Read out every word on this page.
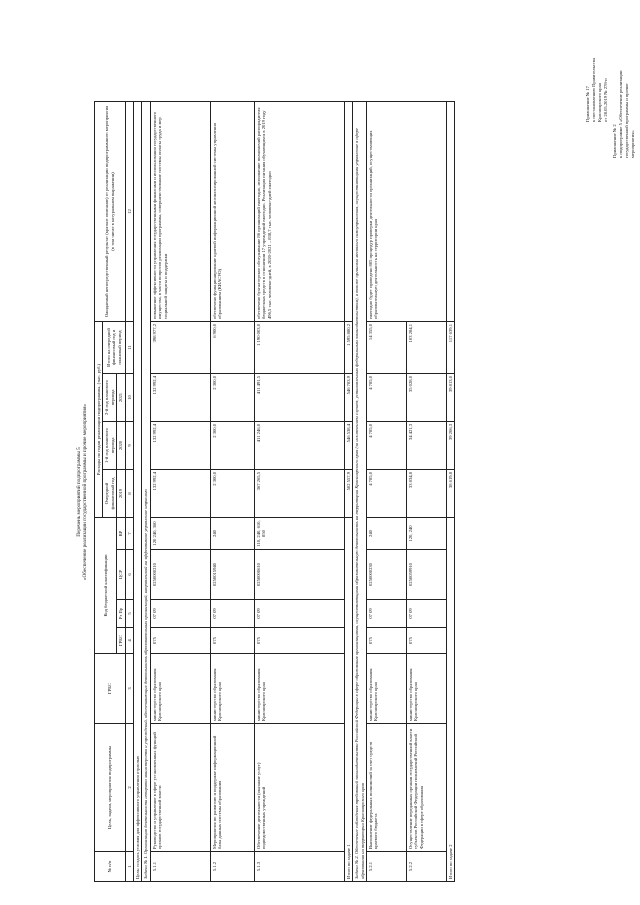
Приложение № 17 к постановлению Правительства Красноярского края от 28.05.2019 № 278-п
Приложение № 2 к подпрограмме 5 «Обеспечение реализации государственной программы и прочие мероприятия»
Перечень мероприятий подпрограммы 5 «Обеспечение реализации государственной программы и прочие мероприятия»
№ п/п	Цель, задачи, мероприятия подпрограммы	ГРБС	Код бюджетной классификации				Расходы по годам реализации подпрограммы, (тыс. руб.)				Ожидаемый непосредственный результат (краткое описание) от реализации подпрограммного мероприятия (в том числе в натуральном выражении)
							Очередной финансовый год	1-й год планового периода	2-й год планового периода	Итого на очередной финансовый год и плановый период	
			ГРБС	Рз Пр	ЦСР	ВР	2019	2020	2021		
1	2	3	4	5	6	7	8	9	10	11	12
Цель: создать условия для эффективного управления отраслью											
Задача № 1. Организация деятельности аппарата министерства и учреждений, обеспечивающих деятельность образовательных организаций, направленной на эффективное управление отраслью											
5.1.1	Руководство и управление в сфере установленных функций органов государственной власти	министерство образования Красноярского края	075	07 09	0250000210	120 240, 360	132 992,4	132 992,4	132 992,4	398 977,2	повышение эффективности управления государственными финансами и использования государственного имущества, в части вопросов реализации программы, совершенствование системы оплаты труда и мер социальной защиты и поддержки
5.1.2	Мероприятия по развитию и поддержке информационной базы данных системы образования	министерство образования Красноярского края	075	07 09	0250015940	240	2 300,0	2 300,0	2 300,0	6 900,0	обеспечено функционирование краевой информационной автоматизированной системы управления образованием (КИАСУО)
5.1.3	Обеспечение деятельности (оказание услуг) подведомственных учреждений	министерство образования Красноярского края	075	07 09	0250000610	110, 240, 610, 850	367 265,5	411 246,0	411 491,5	1 190 003,0	обеспечено бухгалтерское обслуживание 86 организаций ежегодно, исполнение полномочий распорядителя бюджетных средств в отношении 17 учреждений ежегодно. Реализация питания обучающихся в 2019 году 496,5 тыс. человеко-дней, в 2020-2021 – 838,7 тыс. человеко-дней ежегодно
Итого по задаче 1							502 557,9	546 538,4	546 783,9	1 595 880,2	
Задача № 2. Обеспечение соблюдения требований законодательства Российской Федерации в сфере образования организациями, осуществляющими образовательную деятельность на территории Красноярского края (за исключением случаев, установленных федеральным законодательством), а также органами местного самоуправления, осуществляющими управление в сфере образования на территории Красноярского края											
5.2.1	Выполнение федеральных полномочий за счет средств краевого бюджета	министерство образования Красноярского края	075	07 09	0250000230	240	4 785,0	4 785,0	4 785,0	14 355,0	ежегодно будет проведено 805 процедур проверки деятельности организаций, осуществляющих образовательную деятельность на территории края
5.2.2	Осуществление переданных органам государственной власти субъектов Российской Федерации полномочий Российской Федерации в сфере образования	министерство образования Красноярского края	075	07 09	0250059910	120, 240	33 834,8	34 421,3	35 028,0	103 284,1	
Итого по задаче 2							38 619,8	39 206,3	39 813,0	117 639,1	
